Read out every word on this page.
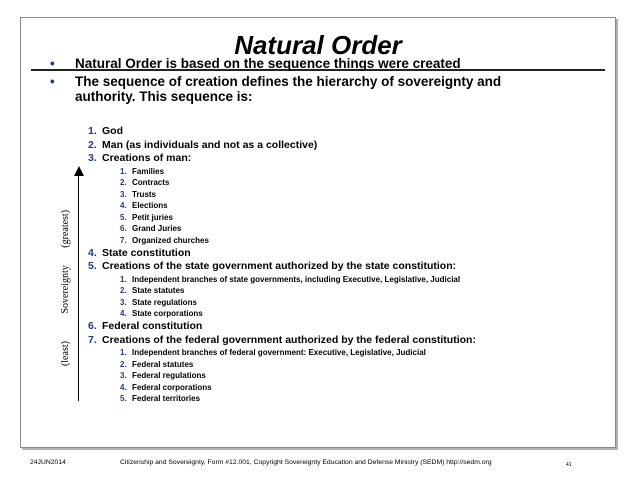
Natural Order
• Natural Order is based on the sequence things were created
• The sequence of creation defines the hierarchy of sovereignty and authority. This sequence is:
(least)           Sovereignty       (greatest)
1. God
2. Man (as individuals and not as a collective)
3. Creations of man:
1. Families
2. Contracts
3. Trusts
4. Elections
5. Petit juries
6. Grand Juries
7. Organized churches
4. State constitution
5. Creations of the state government authorized by the state constitution:
1. Independent branches of state governments, including Executive, Legislative, Judicial
2. State statutes
3. State regulations
4. State corporations
6. Federal constitution
7. Creations of the federal government authorized by the federal constitution:
1. Independent branches of federal government: Executive, Legislative, Judicial
2. Federal statutes
3. Federal regulations
4. Federal corporations
5. Federal territories
24JUN2014	Citizenship and Sovereignty, Form #12.001, Copyright Sovereignty Education and Defense Ministry (SEDM) http://sedm.org	41
